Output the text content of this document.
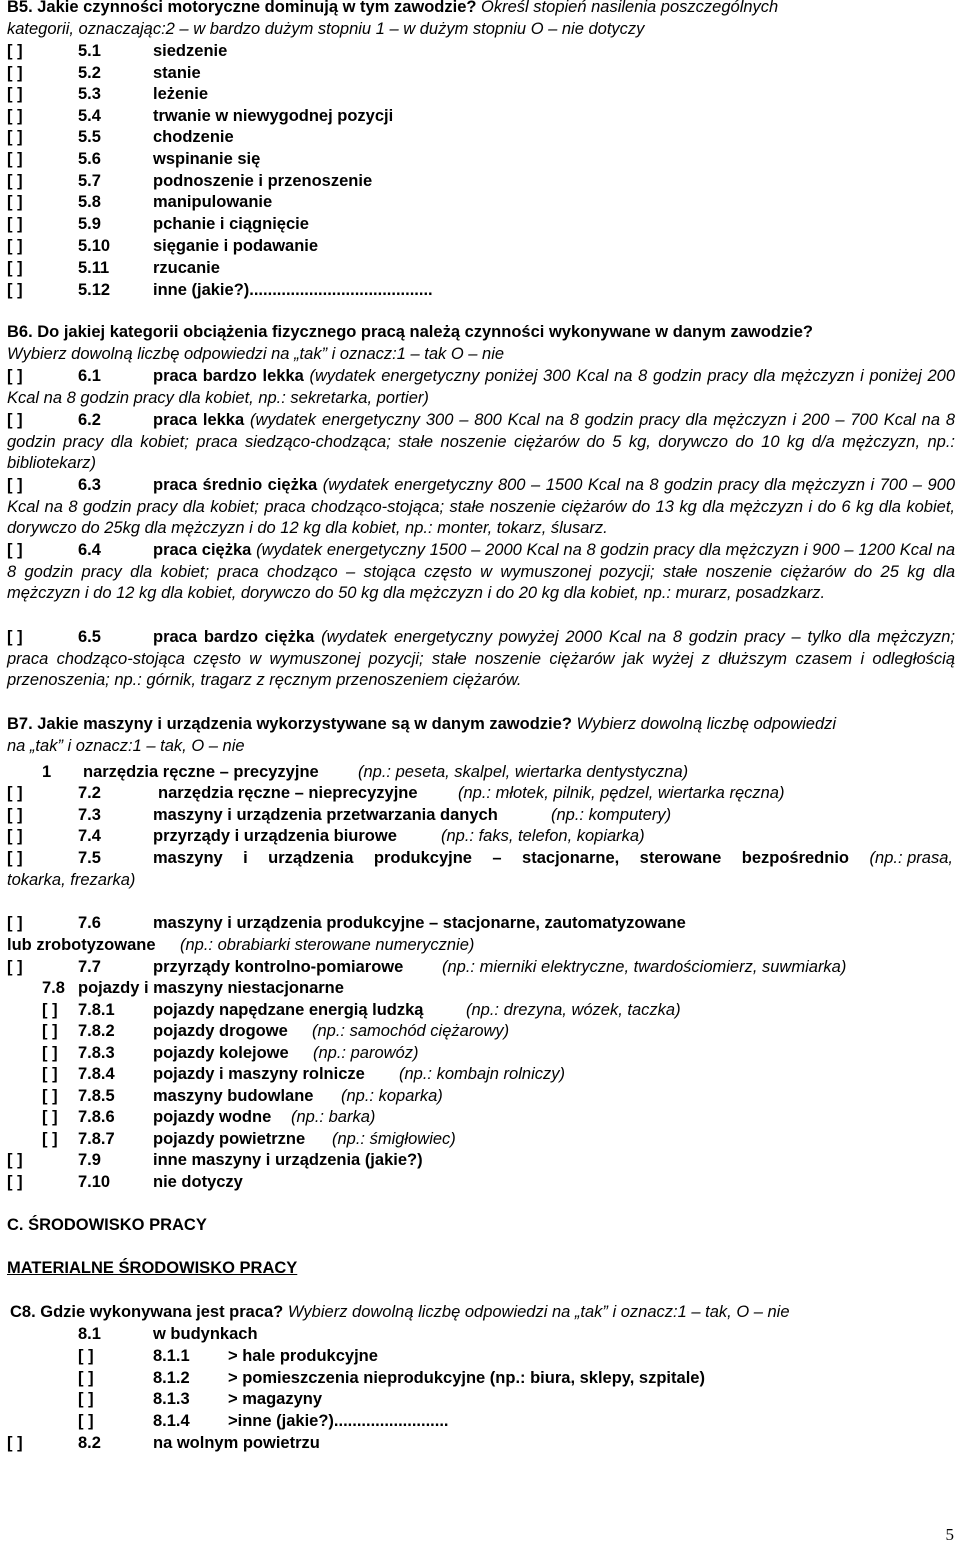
B5. Jakie czynności motoryczne dominują w tym zawodzie? Określ stopień nasilenia poszczególnych
kategorii, oznaczając:2 – w bardzo dużym stopniu 1 – w dużym stopniu O – nie dotyczy
[ ]	5.1	siedzenie
[ ]	5.2	stanie
[ ]	5.3	leżenie
[ ]	5.4	trwanie w niewygodnej pozycji
[ ]	5.5	chodzenie
[ ]	5.6	wspinanie się
[ ]	5.7	podnoszenie i przenoszenie
[ ]	5.8	manipulowanie
[ ]	5.9	pchanie i ciągnięcie
[ ]	5.10	sięganie i podawanie
[ ]	5.11	rzucanie
[ ]	5.12	inne (jakie?)........................................
B6. Do jakiej kategorii obciążenia fizycznego pracą należą czynności wykonywane w danym zawodzie?
Wybierz dowolną liczbę odpowiedzi na „tak” i oznacz:1 – tak O – nie
[ ]	6.1	praca bardzo lekka (wydatek energetyczny poniżej 300 Kcal na 8 godzin pracy dla mężczyzn i poniżej 200 Kcal na 8 godzin pracy dla kobiet, np.: sekretarka, portier)
[ ]	6.2	praca lekka (wydatek energetyczny 300 – 800 Kcal na 8 godzin pracy dla mężczyzn i 200 – 700 Kcal na 8 godzin pracy dla kobiet; praca siedząco-chodząca; stałe noszenie ciężarów do 5 kg, dorywczo do 10 kg d/a mężczyzn, np.: bibliotekarz)
[ ]	6.3	praca średnio ciężka (wydatek energetyczny 800 – 1500 Kcal na 8 godzin pracy dla mężczyzn i 700 – 900 Kcal na 8 godzin pracy dla kobiet; praca chodząco-stojąca; stałe noszenie ciężarów do 13 kg dla mężczyzn i do 6 kg dla kobiet, dorywczo do 25kg dla mężczyzn i do 12 kg dla kobiet, np.: monter, tokarz, ślusarz.
[ ]	6.4	praca ciężka (wydatek energetyczny 1500 – 2000 Kcal na 8 godzin pracy dla mężczyzn i 900 – 1200 Kcal na 8 godzin pracy dla kobiet; praca chodząco – stojąca często w wymuszonej pozycji; stałe noszenie ciężarów do 25 kg dla mężczyzn i do 12 kg dla kobiet, dorywczo do 50 kg dla mężczyzn i do 20 kg dla kobiet, np.: murarz, posadzkarz.
[ ]	6.5	praca bardzo ciężka (wydatek energetyczny powyżej 2000 Kcal na 8 godzin pracy – tylko dla mężczyzn; praca chodząco-stojąca często w wymuszonej pozycji; stałe noszenie ciężarów jak wyżej z dłuższym czasem i odległością przenoszenia; np.: górnik, tragarz z ręcznym przenoszeniem ciężarów.
B7. Jakie maszyny i urządzenia wykorzystywane są w danym zawodzie? Wybierz dowolną liczbę odpowiedzi
na „tak” i oznacz:1 – tak, O – nie
1 narzędzia ręczne – precyzyjne (np.: peseta, skalpel, wiertarka dentystyczna)
[ ]	7.2	narzędzia ręczne – nieprecyzyjne (np.: młotek, pilnik, pędzel, wiertarka ręczna)
[ ]	7.3	maszyny i urządzenia przetwarzania danych	(np.: komputery)
[ ]	7.4	przyrządy i urządzenia biurowe	(np.: faks, telefon, kopiarka)
[ ]	7.5	maszyny i urządzenia produkcyjne – stacjonarne, sterowane bezpośrednio (np.: prasa,
tokarka, frezarka)
[ ]	7.6	maszyny i urządzenia produkcyjne – stacjonarne, zautomatyzowane
lub zrobotyzowane (np.: obrabiarki sterowane numerycznie)
[ ]	7.7	przyrządy kontrolno-pomiarowe (np.: mierniki elektryczne, twardościomierz, suwmiarka)
7.8 pojazdy i maszyny niestacjonarne
[ ] 7.8.1 pojazdy napędzane energią ludzką	(np.: drezyna, wózek, taczka)
[ ] 7.8.2 pojazdy drogowe (np.: samochód ciężarowy)
[ ] 7.8.3 pojazdy kolejowe (np.: parowóz)
[ ] 7.8.4 pojazdy i maszyny rolnicze (np.: kombajn rolniczy)
[ ] 7.8.5 maszyny budowlane (np.: koparka)
[ ] 7.8.6 pojazdy wodne (np.: barka)
[ ] 7.8.7 pojazdy powietrzne (np.: śmigłowiec)
[ ]	7.9	inne maszyny i urządzenia (jakie?)
[ ]	7.10	nie dotyczy
C. ŚRODOWISKO PRACY
MATERIALNE ŚRODOWISKO PRACY
C8. Gdzie wykonywana jest praca? Wybierz dowolną liczbę odpowiedzi na „tak” i oznacz:1 – tak, O – nie
8.1	w budynkach
[ ]	8.1.1 > hale produkcyjne
[ ]	8.1.2 > pomieszczenia nieprodukcyjne (np.: biura, sklepy, szpitale)
[ ]	8.1.3 > magazyny
[ ]	8.1.4 >inne (jakie?).........................
[ ]	8.2	na wolnym powietrzu
5
